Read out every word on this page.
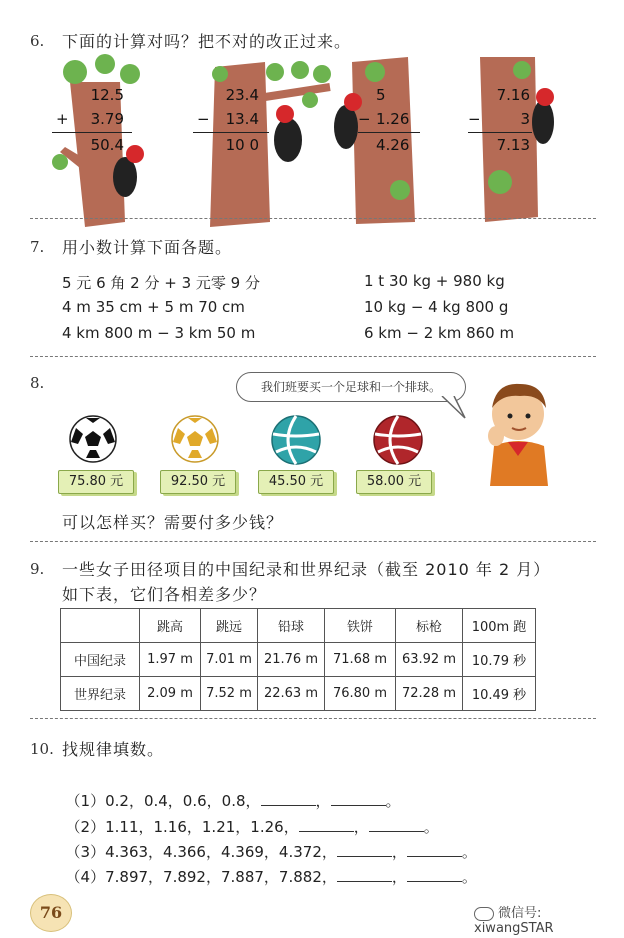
6. 下面的计算对吗？把不对的改正过来。
12.5
+ 3.79
50.4
23.4
− 13.4
10 0
5
− 1.26
4.26
7.16
−	3
7.13
7. 用小数计算下面各题。
5 元 6 角 2 分 + 3 元零 9 分	1 t 30 kg + 980 kg
4 m 35 cm + 5 m 70 cm	10 kg − 4 kg 800 g
4 km 800 m − 3 km 50 m	6 km − 2 km 860 m
8.	我们班要买一个足球和一个排球。
75.80 元	92.50 元	45.50 元	58.00 元
可以怎样买？需要付多少钱？
9. 一些女子田径项目的中国纪录和世界纪录（截至 2010 年 2 月）
如下表，它们各相差多少？
	跳高	跳远	铅球	铁饼	标枪	100m 跑
中国纪录	1.97 m	7.01 m	21.76 m	71.68 m	63.92 m	10.79 秒
世界纪录	2.09 m	7.52 m	22.63 m	76.80 m	72.28 m	10.49 秒
10. 找规律填数。

（1）0.2，0.4，0.6，0.8，	，	。

（2）1.11，1.16，1.21，1.26，	，	。

（3）4.363，4.366，4.369，4.372，	，	。

（4）7.897，7.892，7.887，7.882，	，	。

76	微信号: xiwangSTAR
